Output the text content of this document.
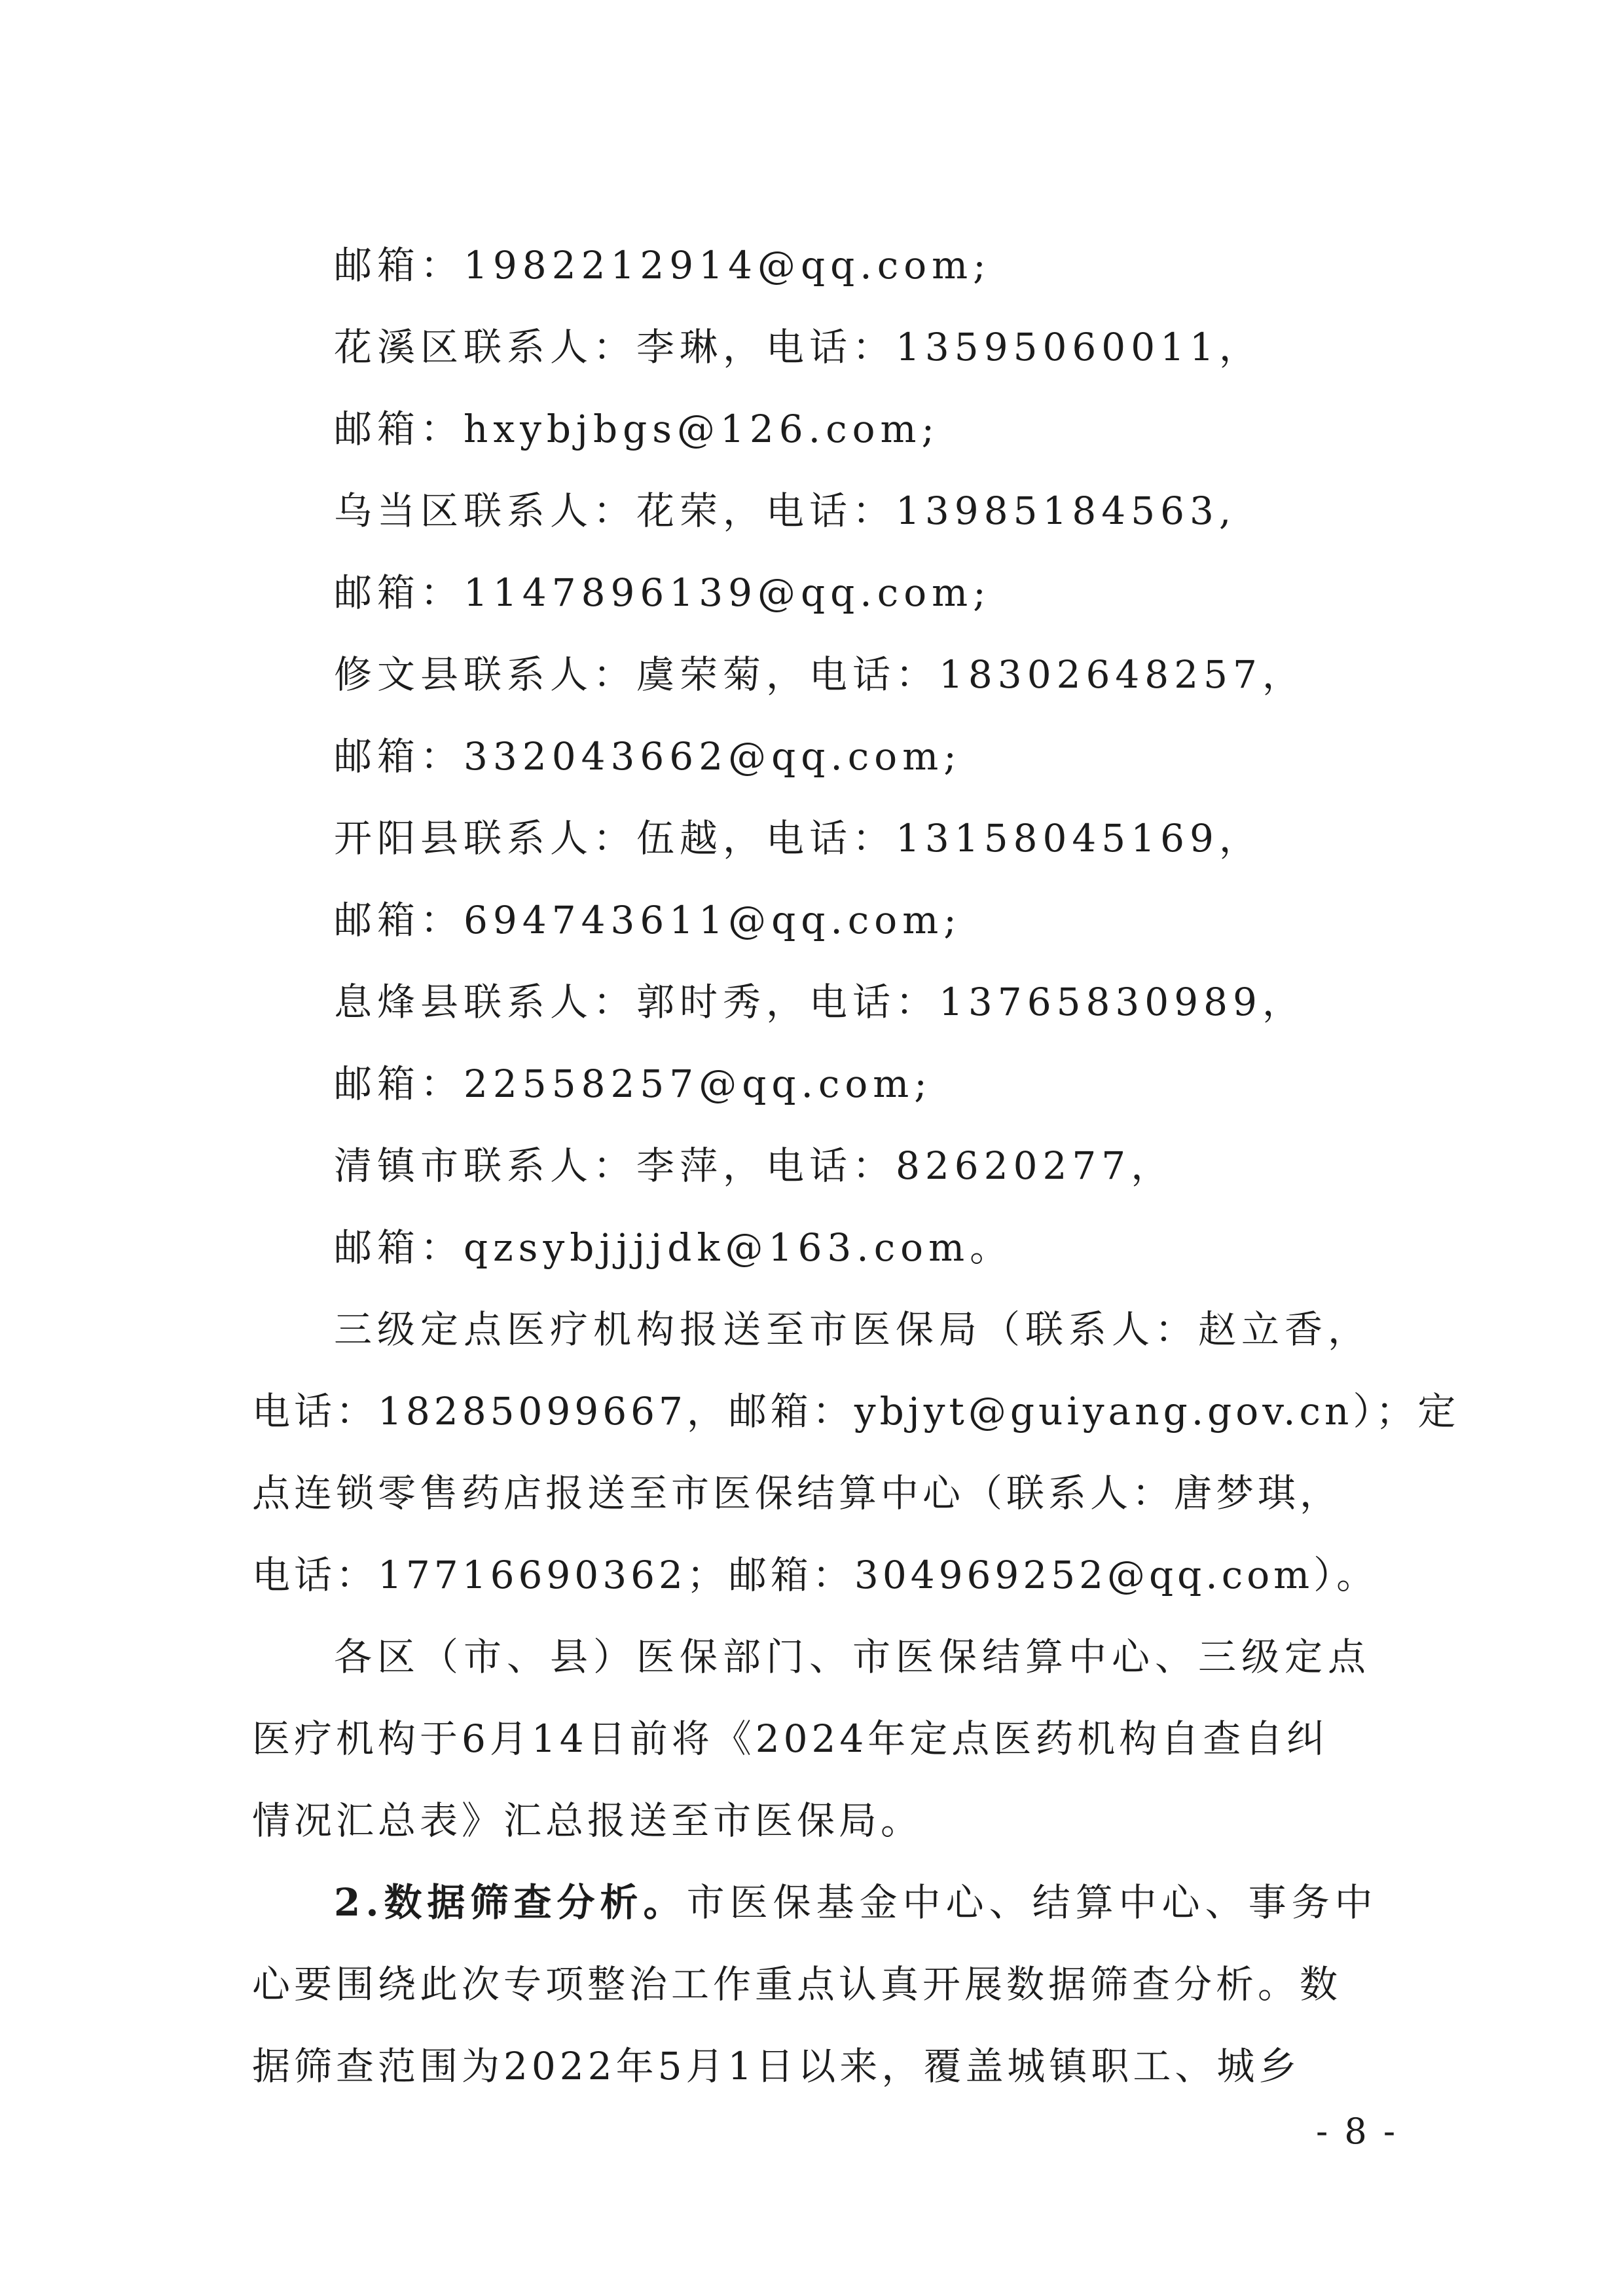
邮箱：1982212914@qq.com;
花溪区联系人：李琳，电话：13595060011，
邮箱：hxybjbgs@126.com;
乌当区联系人：花荣，电话：13985184563,
邮箱：1147896139@qq.com;
修文县联系人：虞荣菊，电话：18302648257，
邮箱：332043662@qq.com;
开阳县联系人：伍越，电话：13158045169，
邮箱：694743611@qq.com;
息烽县联系人：郭时秀，电话：13765830989，
邮箱：22558257@qq.com;
清镇市联系人：李萍，电话：82620277，
邮箱：qzsybjjjjdk@163.com。
三级定点医疗机构报送至市医保局（联系人：赵立香，
电话：18285099667，邮箱：ybjyt@guiyang.gov.cn）；定
点连锁零售药店报送至市医保结算中心（联系人：唐梦琪，
电话：17716690362；邮箱：304969252@qq.com）。
各区（市、县）医保部门、市医保结算中心、三级定点
医疗机构于6月14日前将《2024年定点医药机构自查自纠
情况汇总表》汇总报送至市医保局。
2.数据筛查分析。市医保基金中心、结算中心、事务中
心要围绕此次专项整治工作重点认真开展数据筛查分析。数
据筛查范围为2022年5月1日以来，覆盖城镇职工、城乡
- 8 -
